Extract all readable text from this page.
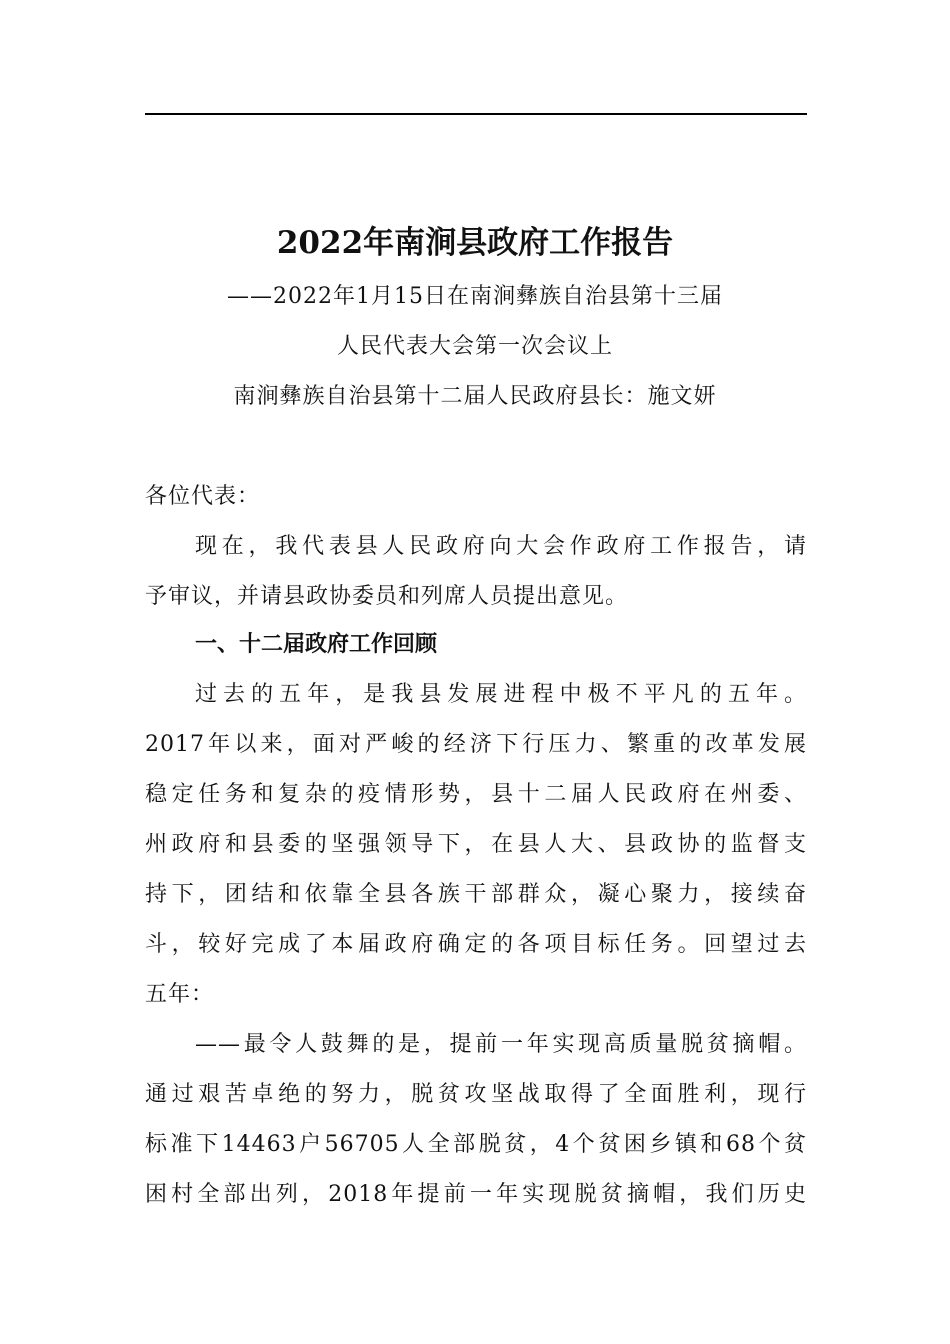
2022年南涧县政府工作报告
——2022年1月15日在南涧彝族自治县第十三届
人民代表大会第一次会议上
南涧彝族自治县第十二届人民政府县长：施文妍
各位代表：
现在，我代表县人民政府向大会作政府工作报告，请
予审议，并请县政协委员和列席人员提出意见。
一、十二届政府工作回顾
过去的五年，是我县发展进程中极不平凡的五年。
2017年以来，面对严峻的经济下行压力、繁重的改革发展
稳定任务和复杂的疫情形势，县十二届人民政府在州委、
州政府和县委的坚强领导下，在县人大、县政协的监督支
持下，团结和依靠全县各族干部群众，凝心聚力，接续奋
斗，较好完成了本届政府确定的各项目标任务。回望过去
五年：
——最令人鼓舞的是，提前一年实现高质量脱贫摘帽。
通过艰苦卓绝的努力，脱贫攻坚战取得了全面胜利，现行
标准下14463户56705人全部脱贫，4个贫困乡镇和68个贫
困村全部出列，2018年提前一年实现脱贫摘帽，我们历史
